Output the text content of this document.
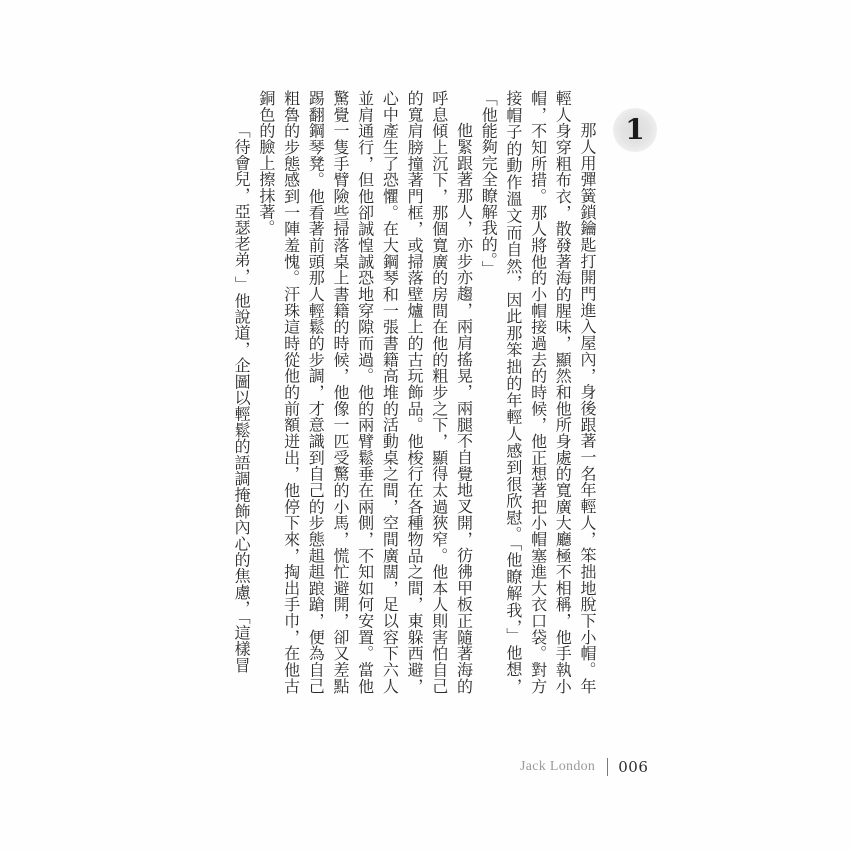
1

那人用彈簧鎖鑰匙打開門進入屋內，身後跟著一名年輕人，笨拙地脫下小帽。年輕人身穿粗布衣，散發著海的腥味，顯然和他所身處的寬廣大廳極不相稱，他手執小帽，不知所措。那人將他的小帽接過去的時候，他正想著把小帽塞進大衣口袋。對方接帽子的動作溫文而自然，因此那笨拙的年輕人感到很欣慰。「他瞭解我，」他想，「他能夠完全瞭解我的。」

他緊跟著那人，亦步亦趨，兩肩搖晃，兩腿不自覺地叉開，彷彿甲板正隨著海的呼息傾上沉下，那個寬廣的房間在他的粗步之下，顯得太過狹窄。他本人則害怕自己的寬肩膀撞著門框，或掃落壁爐上的古玩飾品。他梭行在各種物品之間，東躲西避，心中產生了恐懼。在大鋼琴和一張書籍高堆的活動桌之間，空間廣闊，足以容下六人並肩通行，但他卻誠惶誠恐地穿隙而過。他的兩臂鬆垂在兩側，不知如何安置。當他驚覺一隻手臂險些掃落桌上書籍的時候，他像一匹受驚的小馬，慌忙避開，卻又差點踢翻鋼琴凳。他看著前頭那人輕鬆的步調，才意識到自己的步態趄趄踉蹌，便為自己粗魯的步態感到一陣羞愧。汗珠這時從他的前額迸出，他停下來，掏出手巾，在他古銅色的臉上擦抹著。

「待會兒，亞瑟老弟，」他說道，企圖以輕鬆的語調掩飾內心的焦慮，「這樣冒

Jack London 006
